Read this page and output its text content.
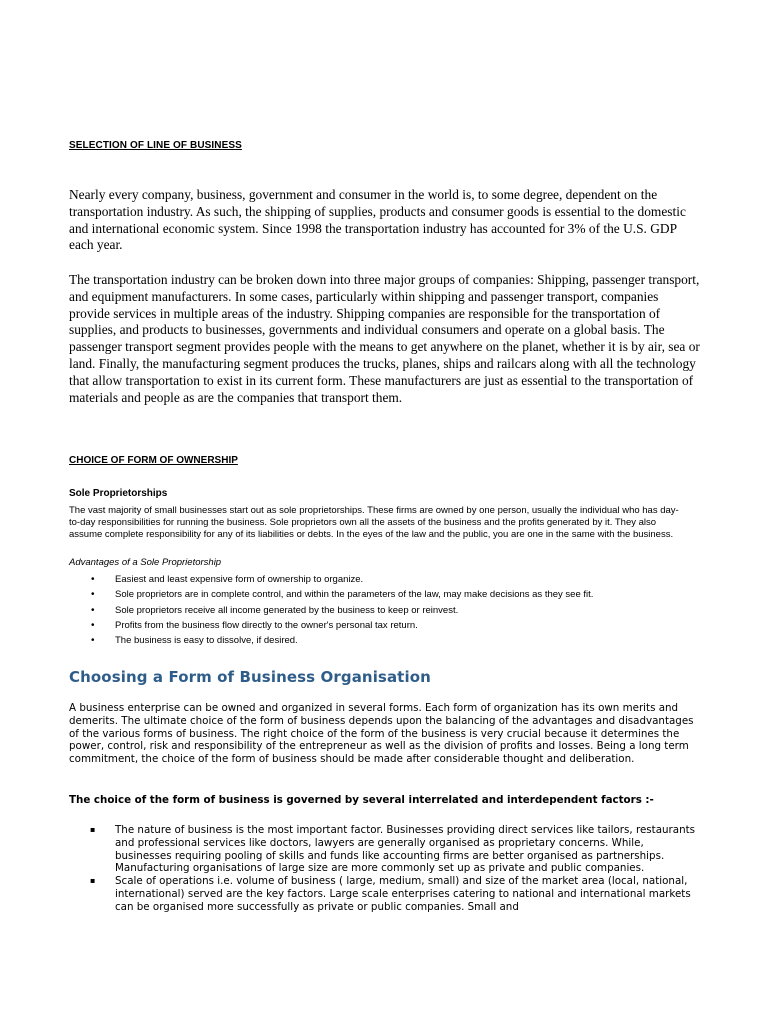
SELECTION OF LINE OF BUSINESS

Nearly every company, business, government and consumer in the world is, to some degree, dependent on the transportation industry. As such, the shipping of supplies, products and consumer goods is essential to the domestic and international economic system. Since 1998 the transportation industry has accounted for 3% of the U.S. GDP each year.

The transportation industry can be broken down into three major groups of companies: Shipping, passenger transport, and equipment manufacturers. In some cases, particularly within shipping and passenger transport, companies provide services in multiple areas of the industry. Shipping companies are responsible for the transportation of supplies, and products to businesses, governments and individual consumers and operate on a global basis. The passenger transport segment provides people with the means to get anywhere on the planet, whether it is by air, sea or land. Finally, the manufacturing segment produces the trucks, planes, ships and railcars along with all the technology that allow transportation to exist in its current form. These manufacturers are just as essential to the transportation of materials and people as are the companies that transport them.

CHOICE OF FORM OF OWNERSHIP

Sole Proprietorships

The vast majority of small businesses start out as sole proprietorships. These firms are owned by one person, usually the individual who has day-to-day responsibilities for running the business. Sole proprietors own all the assets of the business and the profits generated by it. They also assume complete responsibility for any of its liabilities or debts. In the eyes of the law and the public, you are one in the same with the business.

Advantages of a Sole Proprietorship

• Easiest and least expensive form of ownership to organize.
• Sole proprietors are in complete control, and within the parameters of the law, may make decisions as they see fit.
• Sole proprietors receive all income generated by the business to keep or reinvest.
• Profits from the business flow directly to the owner's personal tax return.
• The business is easy to dissolve, if desired.
Choosing a Form of Business Organisation

A business enterprise can be owned and organized in several forms. Each form of organization has its own merits and demerits. The ultimate choice of the form of business depends upon the balancing of the advantages and disadvantages of the various forms of business. The right choice of the form of the business is very crucial because it determines the power, control, risk and responsibility of the entrepreneur as well as the division of profits and losses. Being a long term commitment, the choice of the form of business should be made after considerable thought and deliberation.

The choice of the form of business is governed by several interrelated and interdependent factors :-

▪ The nature of business is the most important factor. Businesses providing direct services like tailors, restaurants and professional services like doctors, lawyers are generally organised as proprietary concerns. While, businesses requiring pooling of skills and funds like accounting firms are better organised as partnerships. Manufacturing organisations of large size are more commonly set up as private and public companies.
▪ Scale of operations i.e. volume of business ( large, medium, small) and size of the market area (local, national, international) served are the key factors. Large scale enterprises catering to national and international markets can be organised more successfully as private or public companies. Small and
